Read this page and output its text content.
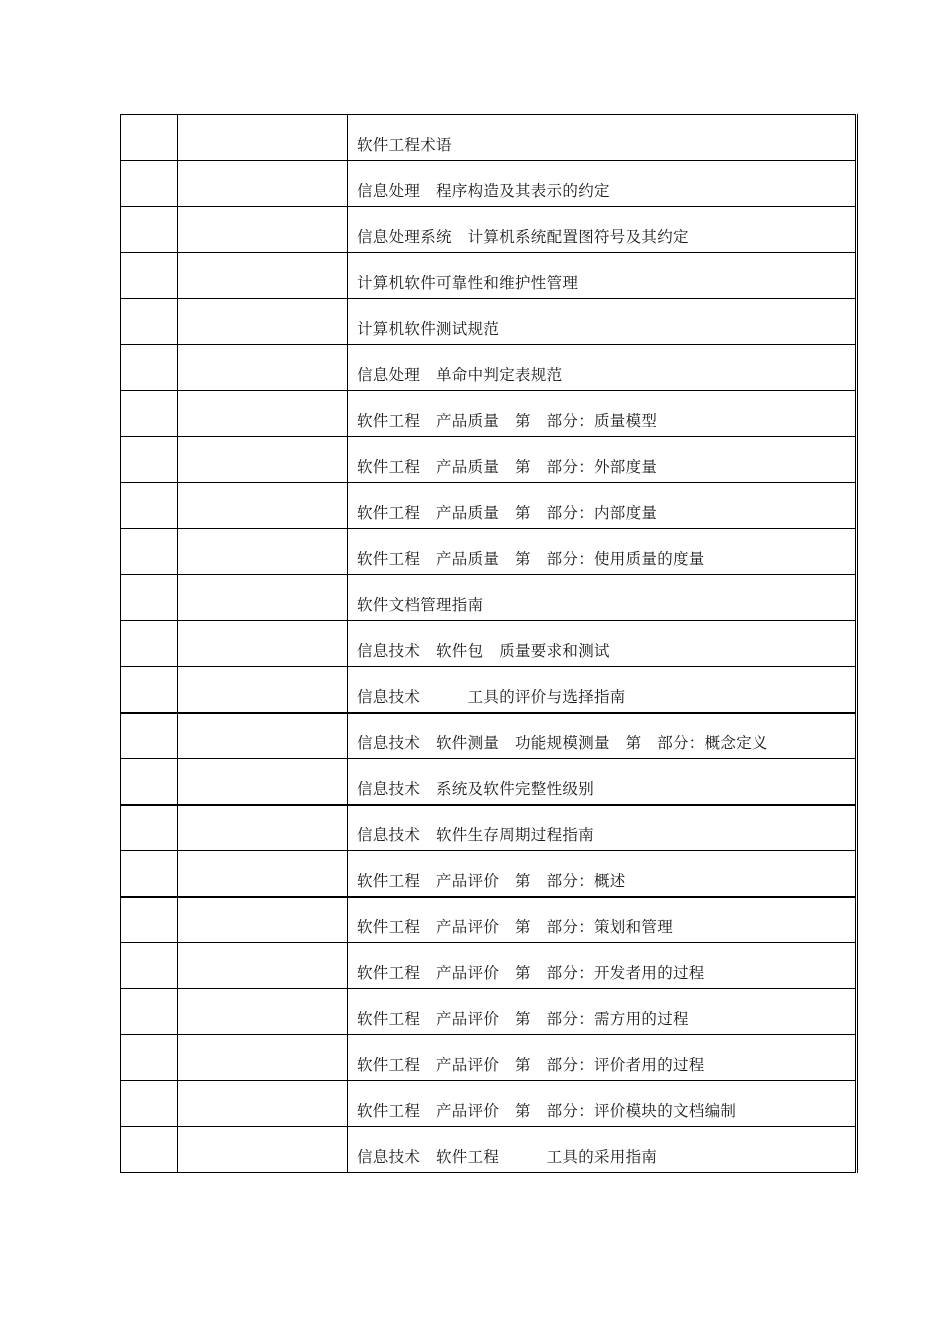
		软件工程术语
		信息处理　程序构造及其表示的约定
		信息处理系统　计算机系统配置图符号及其约定
		计算机软件可靠性和维护性管理
		计算机软件测试规范
		信息处理　单命中判定表规范
		软件工程　产品质量　第　部分：质量模型
		软件工程　产品质量　第　部分：外部度量
		软件工程　产品质量　第　部分：内部度量
		软件工程　产品质量　第　部分：使用质量的度量
		软件文档管理指南
		信息技术　软件包　质量要求和测试
		信息技术　　　工具的评价与选择指南
		信息技术　软件测量　功能规模测量　第　部分：概念定义
		信息技术　系统及软件完整性级别
		信息技术　软件生存周期过程指南
		软件工程　产品评价　第　部分：概述
		软件工程　产品评价　第　部分：策划和管理
		软件工程　产品评价　第　部分：开发者用的过程
		软件工程　产品评价　第　部分：需方用的过程
		软件工程　产品评价　第　部分：评价者用的过程
		软件工程　产品评价　第　部分：评价模块的文档编制
		信息技术　软件工程　　　工具的采用指南
